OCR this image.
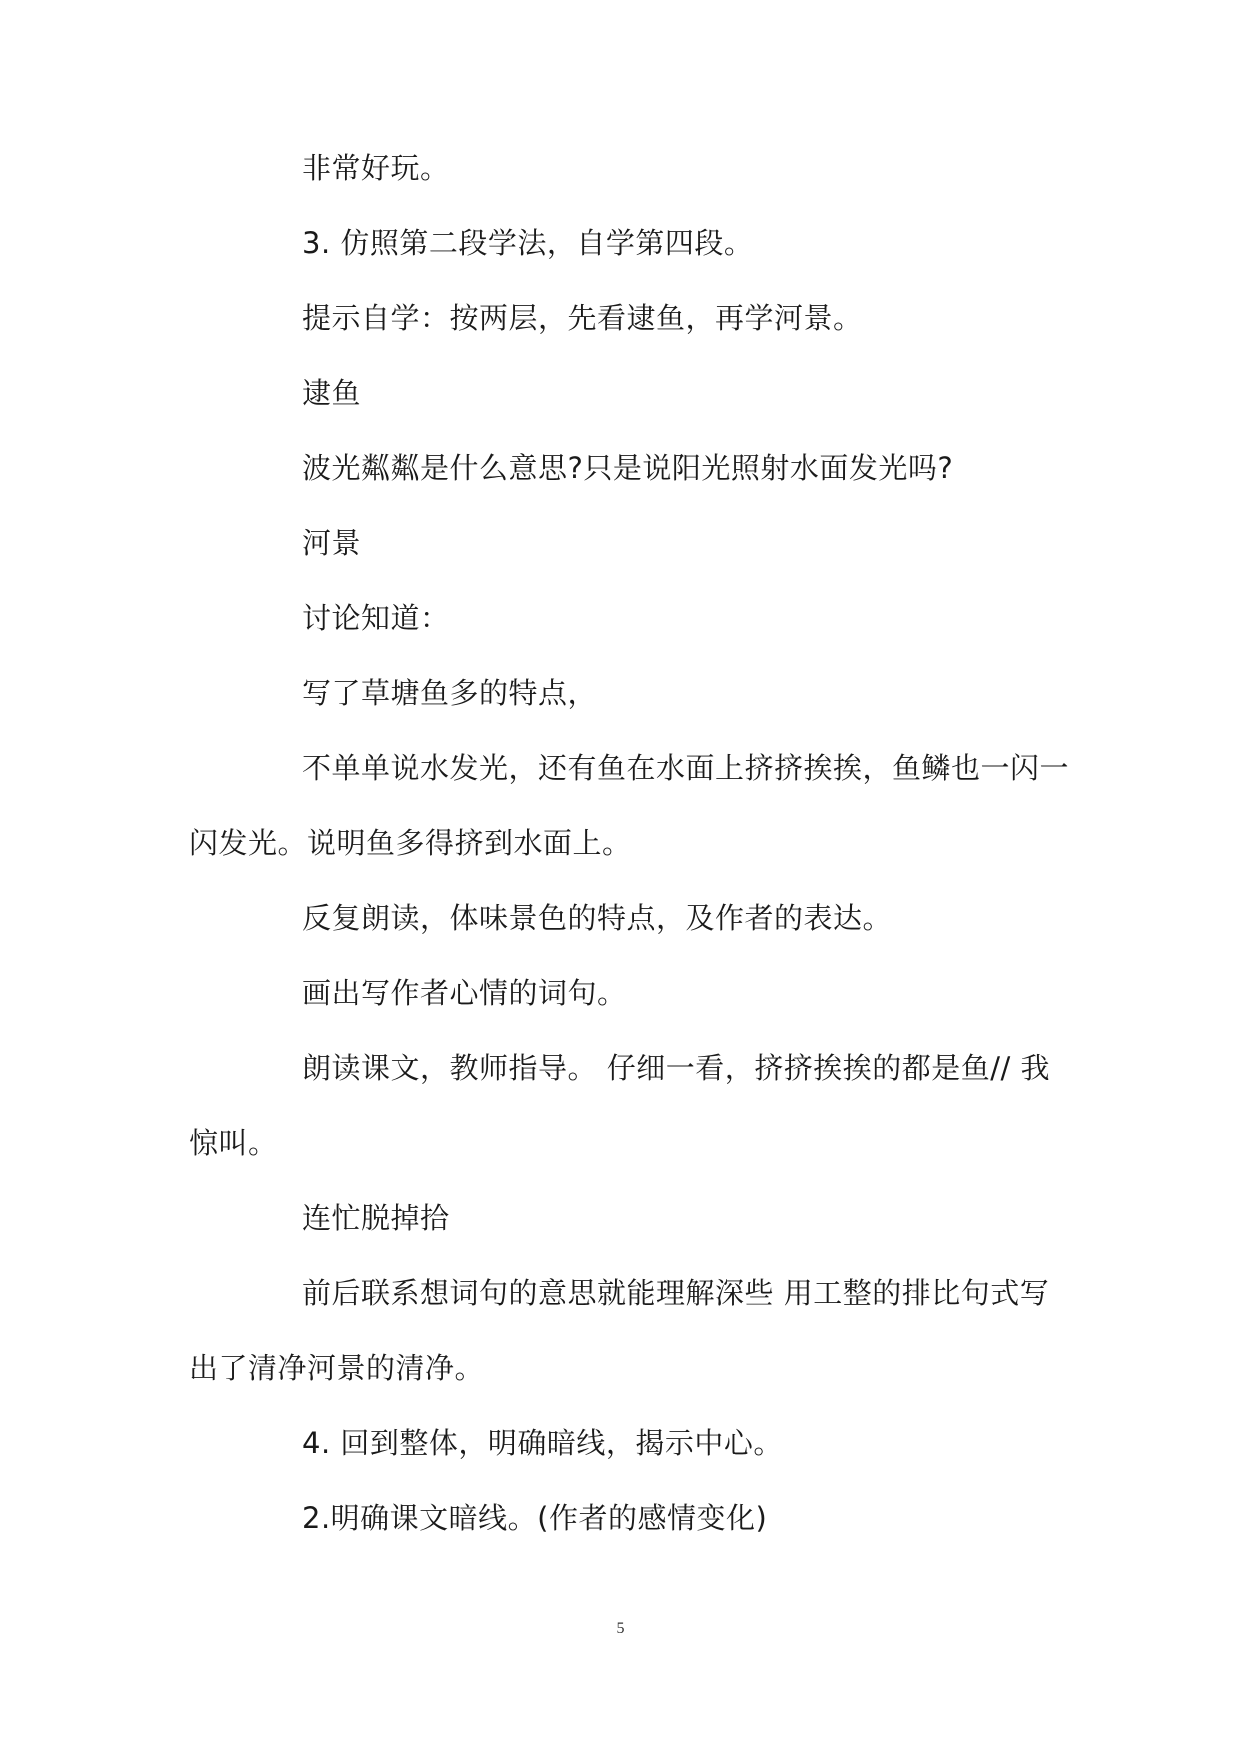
非常好玩。
3. 仿照第二段学法，自学第四段。
提示自学：按两层，先看逮鱼，再学河景。
逮鱼
波光粼粼是什么意思?只是说阳光照射水面发光吗?
河景
讨论知道：
写了草塘鱼多的特点，
不单单说水发光，还有鱼在水面上挤挤挨挨，鱼鳞也一闪一
闪发光。说明鱼多得挤到水面上。
反复朗读，体味景色的特点，及作者的表达。
画出写作者心情的词句。
朗读课文，教师指导。 仔细一看，挤挤挨挨的都是鱼// 我
惊叫。
连忙脱掉拾
前后联系想词句的意思就能理解深些 用工整的排比句式写
出了清净河景的清净。
4. 回到整体，明确暗线，揭示中心。
2.明确课文暗线。(作者的感情变化)
5
